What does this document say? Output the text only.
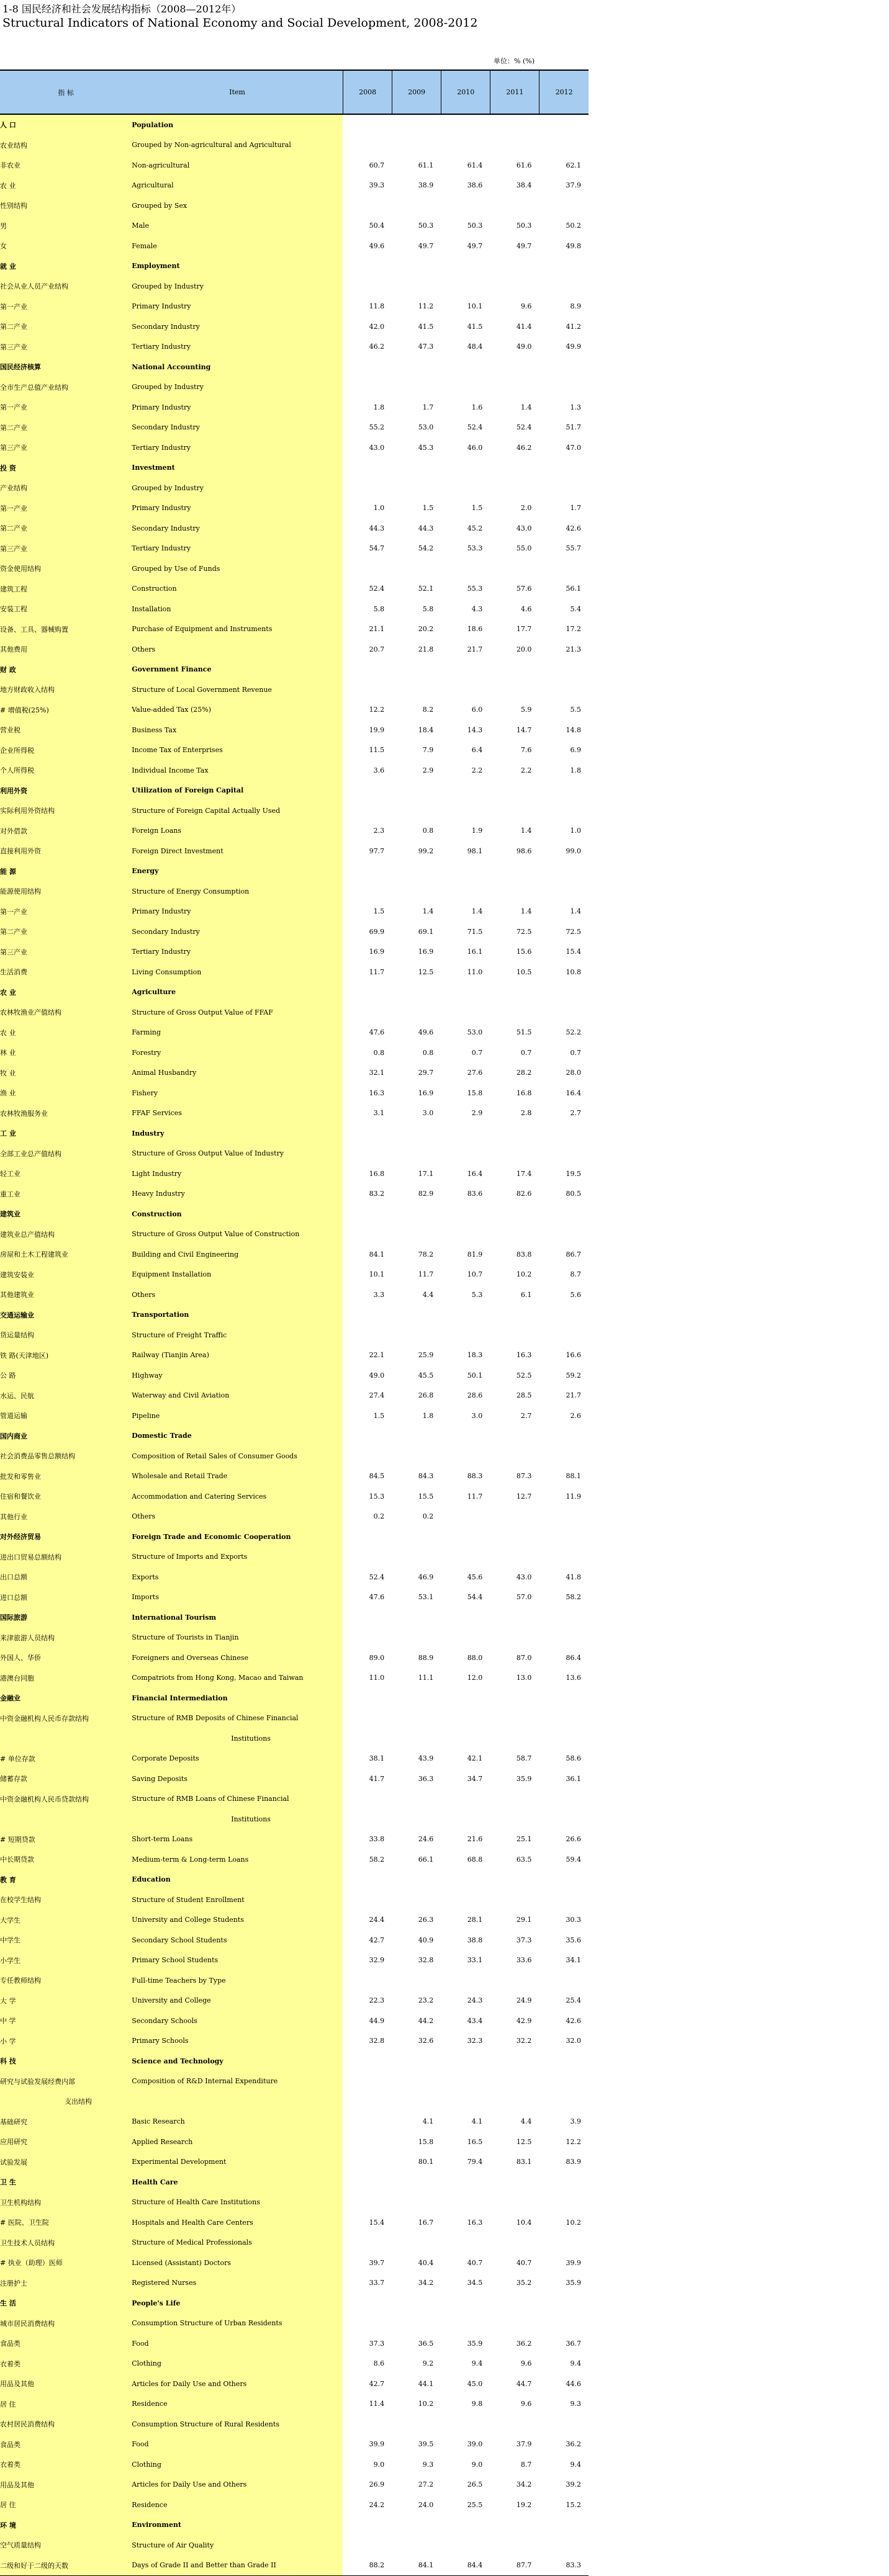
1-8 国民经济和社会发展结构指标（2008—2012年）
Structural Indicators of National Economy and Social Development, 2008-2012
单位：% (%)
指 标	Item	2008	2009	2010	2011	2012
人 口	Population					
农业结构	Grouped by Non-agricultural and Agricultural					
非农业	Non-agricultural	60.7	61.1	61.4	61.6	62.1
农 业	Agricultural	39.3	38.9	38.6	38.4	37.9
性别结构	Grouped by Sex					
男	Male	50.4	50.3	50.3	50.3	50.2
女	Female	49.6	49.7	49.7	49.7	49.8
就 业	Employment					
社会从业人员产业结构	Grouped by Industry					
第一产业	Primary Industry	11.8	11.2	10.1	9.6	8.9
第二产业	Secondary Industry	42.0	41.5	41.5	41.4	41.2
第三产业	Tertiary Industry	46.2	47.3	48.4	49.0	49.9
国民经济核算	National Accounting					
全市生产总值产业结构	Grouped by Industry					
第一产业	Primary Industry	1.8	1.7	1.6	1.4	1.3
第二产业	Secondary Industry	55.2	53.0	52.4	52.4	51.7
第三产业	Tertiary Industry	43.0	45.3	46.0	46.2	47.0
投 资	Investment					
产业结构	Grouped by Industry					
第一产业	Primary Industry	1.0	1.5	1.5	2.0	1.7
第二产业	Secondary Industry	44.3	44.3	45.2	43.0	42.6
第三产业	Tertiary Industry	54.7	54.2	53.3	55.0	55.7
资金使用结构	Grouped by Use of Funds					
建筑工程	Construction	52.4	52.1	55.3	57.6	56.1
安装工程	Installation	5.8	5.8	4.3	4.6	5.4
设备、工具、器械购置	Purchase of Equipment and Instruments	21.1	20.2	18.6	17.7	17.2
其他费用	Others	20.7	21.8	21.7	20.0	21.3
财 政	Government Finance					
地方财政收入结构	Structure of Local Government Revenue					
# 增值税(25%)	Value-added Tax (25%)	12.2	8.2	6.0	5.9	5.5
营业税	Business Tax	19.9	18.4	14.3	14.7	14.8
企业所得税	Income Tax of Enterprises	11.5	7.9	6.4	7.6	6.9
个人所得税	Individual Income Tax	3.6	2.9	2.2	2.2	1.8
利用外资	Utilization of Foreign Capital					
实际利用外资结构	Structure of Foreign Capital Actually Used					
对外借款	Foreign Loans	2.3	0.8	1.9	1.4	1.0
直接利用外资	Foreign Direct Investment	97.7	99.2	98.1	98.6	99.0
能 源	Energy					
能源使用结构	Structure of Energy Consumption					
第一产业	Primary Industry	1.5	1.4	1.4	1.4	1.4
第二产业	Secondary Industry	69.9	69.1	71.5	72.5	72.5
第三产业	Tertiary Industry	16.9	16.9	16.1	15.6	15.4
生活消费	Living Consumption	11.7	12.5	11.0	10.5	10.8
农 业	Agriculture					
农林牧渔业产值结构	Structure of Gross Output Value of FFAF					
农 业	Farming	47.6	49.6	53.0	51.5	52.2
林 业	Forestry	0.8	0.8	0.7	0.7	0.7
牧 业	Animal Husbandry	32.1	29.7	27.6	28.2	28.0
渔 业	Fishery	16.3	16.9	15.8	16.8	16.4
农林牧渔服务业	FFAF Services	3.1	3.0	2.9	2.8	2.7
工 业	Industry					
全部工业总产值结构	Structure of Gross Output Value of Industry					
轻工业	Light Industry	16.8	17.1	16.4	17.4	19.5
重工业	Heavy Industry	83.2	82.9	83.6	82.6	80.5
建筑业	Construction					
建筑业总产值结构	Structure of Gross Output Value of Construction					
房屋和土木工程建筑业	Building and Civil Engineering	84.1	78.2	81.9	83.8	86.7
建筑安装业	Equipment Installation	10.1	11.7	10.7	10.2	8.7
其他建筑业	Others	3.3	4.4	5.3	6.1	5.6
交通运输业	Transportation					
货运量结构	Structure of Freight Traffic					
铁 路(天津地区)	Railway (Tianjin Area)	22.1	25.9	18.3	16.3	16.6
公 路	Highway	49.0	45.5	50.1	52.5	59.2
水运、民航	Waterway and Civil Aviation	27.4	26.8	28.6	28.5	21.7
管道运输	Pipeline	1.5	1.8	3.0	2.7	2.6
国内商业	Domestic Trade					
社会消费品零售总额结构	Composition of Retail Sales of Consumer Goods					
批发和零售业	Wholesale and Retail Trade	84.5	84.3	88.3	87.3	88.1
住宿和餐饮业	Accommodation and Catering Services	15.3	15.5	11.7	12.7	11.9
其他行业	Others	0.2	0.2			
对外经济贸易	Foreign Trade and Economic Cooperation					
进出口贸易总额结构	Structure of Imports and Exports					
出口总额	Exports	52.4	46.9	45.6	43.0	41.8
进口总额	Imports	47.6	53.1	54.4	57.0	58.2
国际旅游	International Tourism					
来津旅游人员结构	Structure of Tourists in Tianjin					
外国人、华侨	Foreigners and Overseas Chinese	89.0	88.9	88.0	87.0	86.4
港澳台同胞	Compatriots from Hong Kong, Macao and Taiwan	11.0	11.1	12.0	13.0	13.6
金融业	Financial Intermediation					
中资金融机构人民币存款结构	Structure of RMB Deposits of Chinese Financial					
	Institutions					
# 单位存款	Corporate Deposits	38.1	43.9	42.1	58.7	58.6
储蓄存款	Saving Deposits	41.7	36.3	34.7	35.9	36.1
中资金融机构人民币贷款结构	Structure of RMB Loans of Chinese Financial					
	Institutions					
# 短期贷款	Short-term Loans	33.8	24.6	21.6	25.1	26.6
中长期贷款	Medium-term & Long-term Loans	58.2	66.1	68.8	63.5	59.4
教 育	Education					
在校学生结构	Structure of Student Enrollment					
大学生	University and College Students	24.4	26.3	28.1	29.1	30.3
中学生	Secondary School Students	42.7	40.9	38.8	37.3	35.6
小学生	Primary School Students	32.9	32.8	33.1	33.6	34.1
专任教师结构	Full-time Teachers by Type					
大 学	University and College	22.3	23.2	24.3	24.9	25.4
中 学	Secondary Schools	44.9	44.2	43.4	42.9	42.6
小 学	Primary Schools	32.8	32.6	32.3	32.2	32.0
科 技	Science and Technology					
研究与试验发展经费内部	Composition of R&D Internal Expenditure					
支出结构						
基础研究	Basic Research		4.1	4.1	4.4	3.9
应用研究	Applied Research		15.8	16.5	12.5	12.2
试验发展	Experimental Development		80.1	79.4	83.1	83.9
卫 生	Health Care					
卫生机构结构	Structure of Health Care Institutions					
# 医院、卫生院	Hospitals and Health Care Centers	15.4	16.7	16.3	10.4	10.2
卫生技术人员结构	Structure of Medical Professionals					
# 执业（助理）医师	Licensed (Assistant) Doctors	39.7	40.4	40.7	40.7	39.9
注册护士	Registered Nurses	33.7	34.2	34.5	35.2	35.9
生 活	People's Life					
城市居民消费结构	Consumption Structure of Urban Residents					
食品类	Food	37.3	36.5	35.9	36.2	36.7
衣着类	Clothing	8.6	9.2	9.4	9.6	9.4
用品及其他	Articles for Daily Use and Others	42.7	44.1	45.0	44.7	44.6
居 住	Residence	11.4	10.2	9.8	9.6	9.3
农村居民消费结构	Consumption Structure of Rural Residents					
食品类	Food	39.9	39.5	39.0	37.9	36.2
衣着类	Clothing	9.0	9.3	9.0	8.7	9.4
用品及其他	Articles for Daily Use and Others	26.9	27.2	26.5	34.2	39.2
居 住	Residence	24.2	24.0	25.5	19.2	15.2
环 境	Environment					
空气质量结构	Structure of Air Quality					
二级和好于二级的天数	Days of Grade II and Better than Grade II	88.2	84.1	84.4	87.7	83.3
